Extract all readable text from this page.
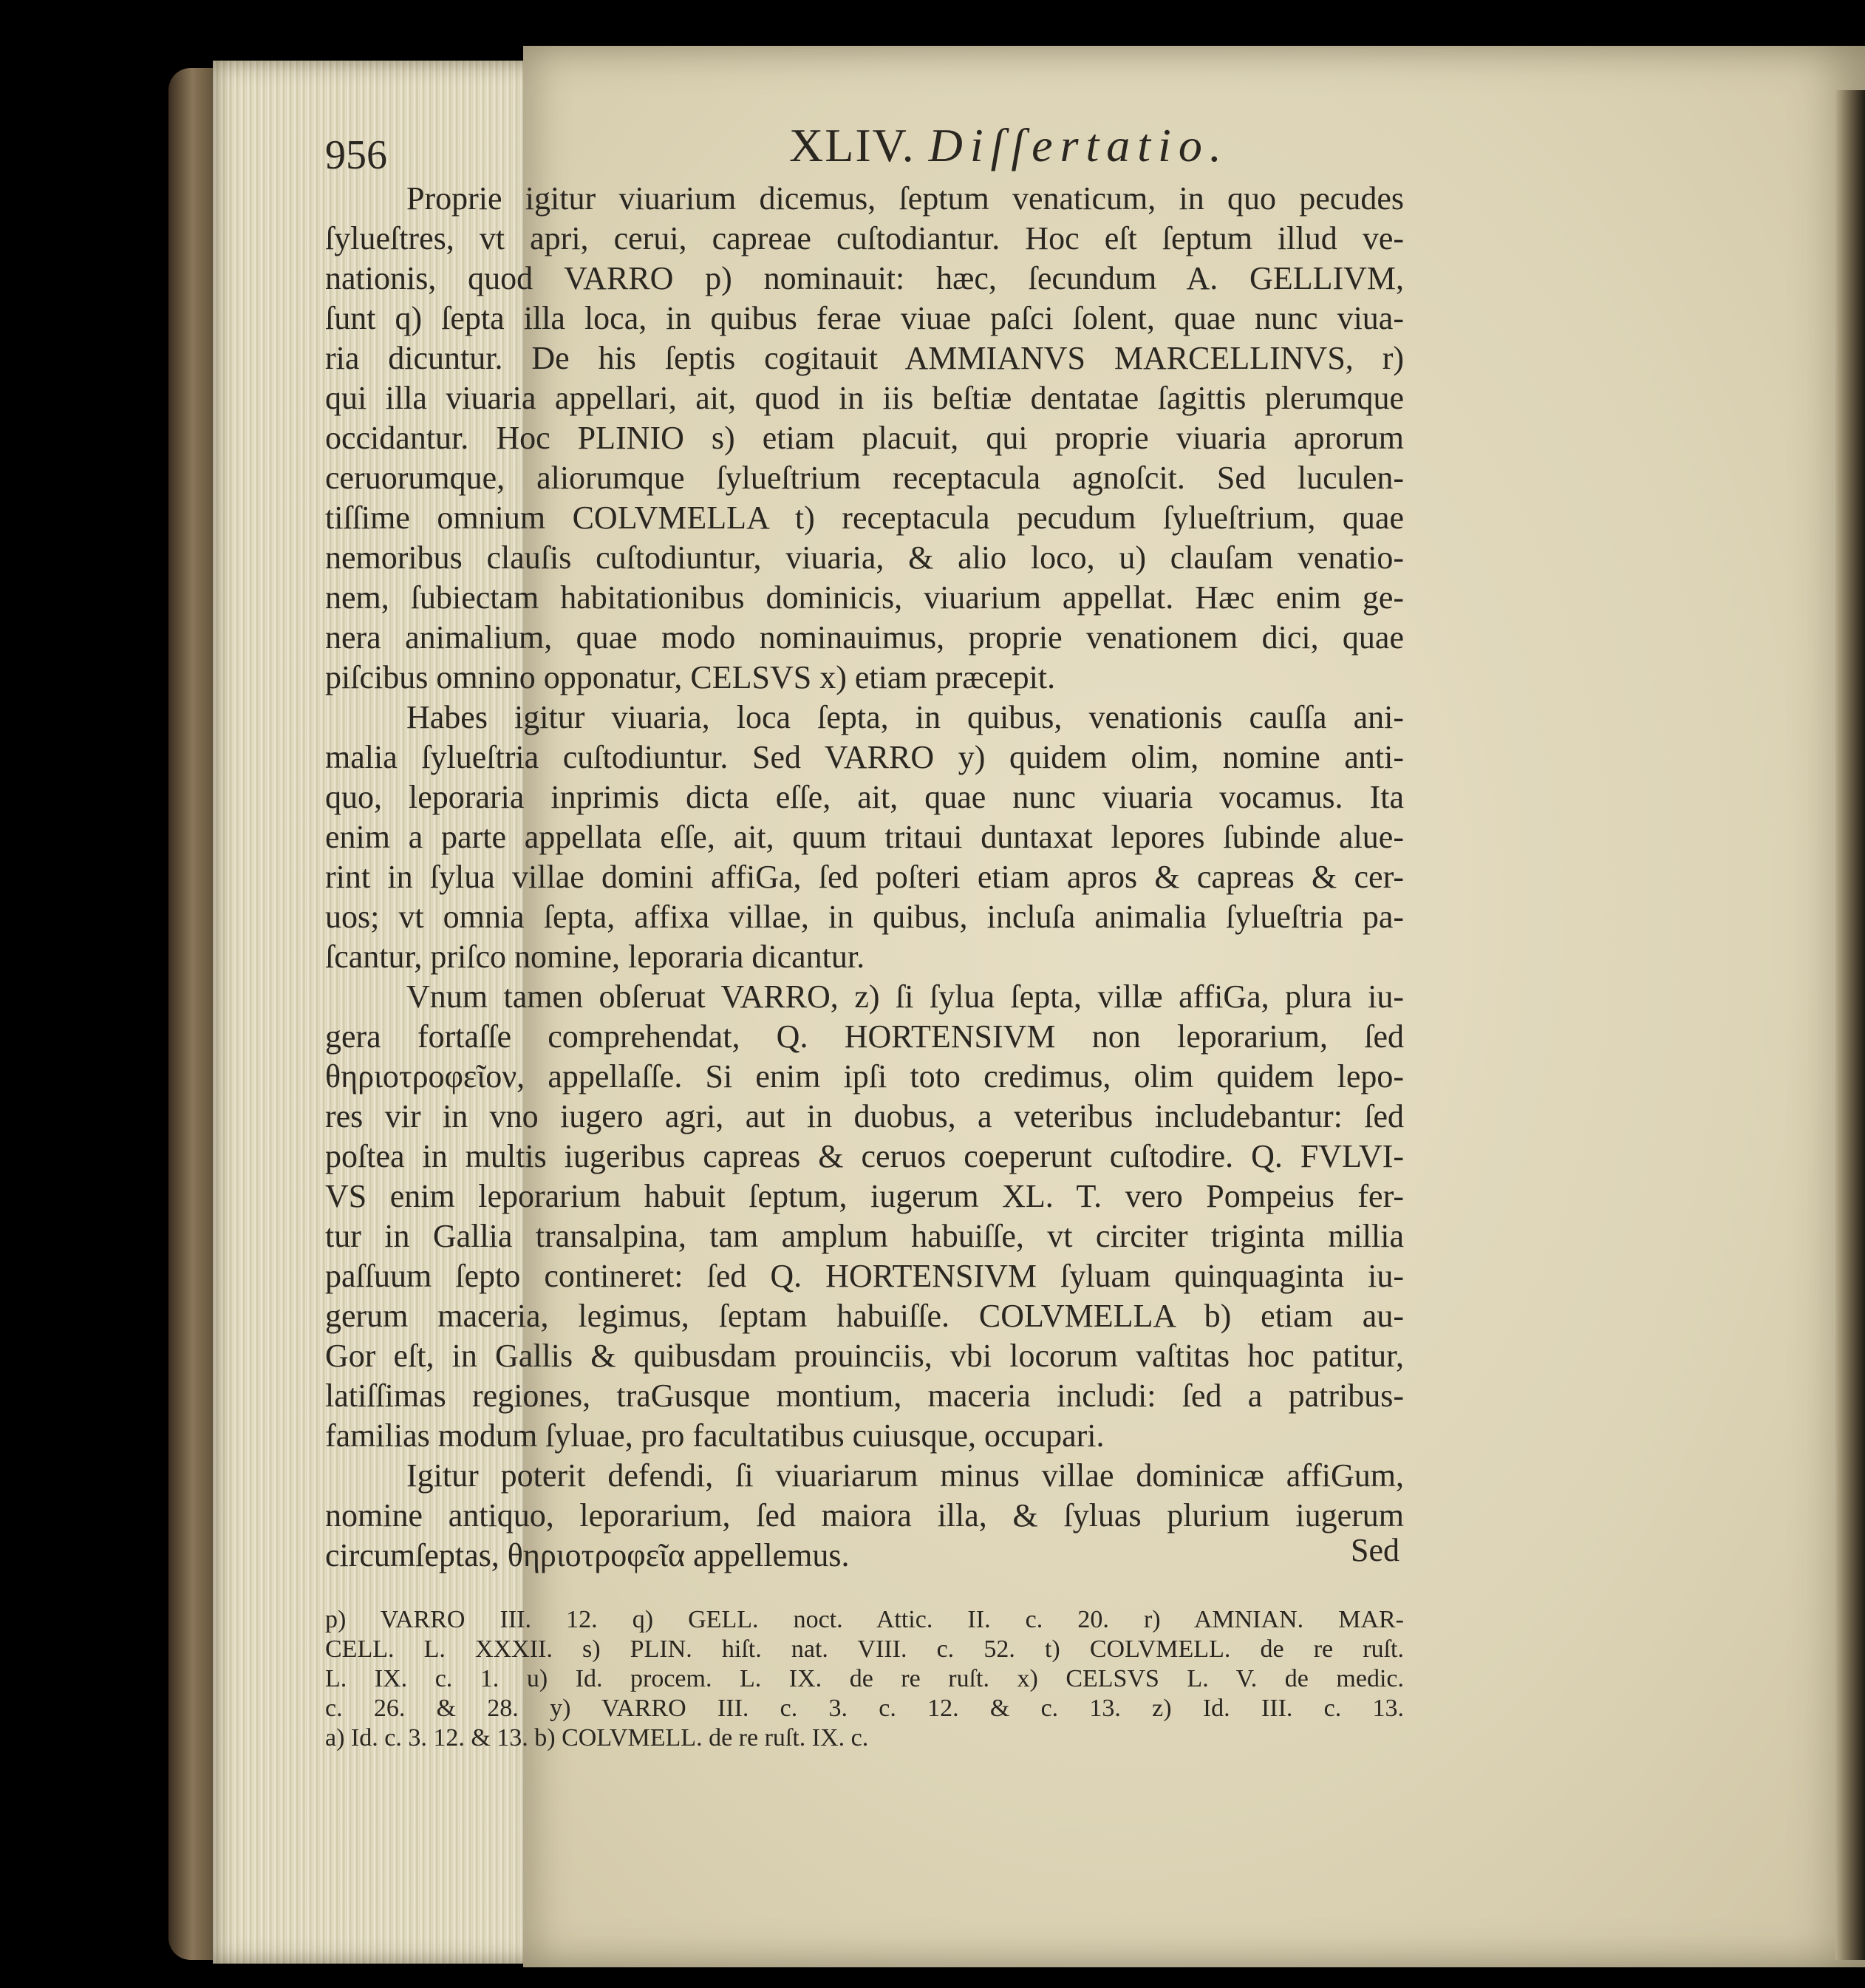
956	XLIV. Diſſertatio.
Proprie igitur viuarium dicemus, ſeptum venaticum, in quo pecudes
ſylueſtres, vt apri, cerui, capreae cuſtodiantur. Hoc eſt ſeptum illud ve-
nationis, quod VARRO p) nominauit: hæc, ſecundum A. GELLIVM,
ſunt q) ſepta illa loca, in quibus ferae viuae paſci ſolent, quae nunc viua-
ria dicuntur. De his ſeptis cogitauit AMMIANVS MARCELLINVS, r)
qui illa viuaria appellari, ait, quod in iis beſtiæ dentatae ſagittis plerumque
occidantur. Hoc PLINIO s) etiam placuit, qui proprie viuaria aprorum
ceruorumque, aliorumque ſylueſtrium receptacula agnoſcit. Sed luculen-
tiſſime omnium COLVMELLA t) receptacula pecudum ſylueſtrium, quae
nemoribus clauſis cuſtodiuntur, viuaria, & alio loco, u) clauſam venatio-
nem, ſubiectam habitationibus dominicis, viuarium appellat. Hæc enim ge-
nera animalium, quae modo nominauimus, proprie venationem dici, quae
piſcibus omnino opponatur, CELSVS x) etiam præcepit.
Habes igitur viuaria, loca ſepta, in quibus, venationis cauſſa ani-
malia ſylueſtria cuſtodiuntur. Sed VARRO y) quidem olim, nomine anti-
quo, leporaria inprimis dicta eſſe, ait, quae nunc viuaria vocamus. Ita
enim a parte appellata eſſe, ait, quum tritaui duntaxat lepores ſubinde alue-
rint in ſylua villae domini affiGa, ſed poſteri etiam apros & capreas & cer-
uos; vt omnia ſepta, affixa villae, in quibus, incluſa animalia ſylueſtria pa-
ſcantur, priſco nomine, leporaria dicantur.
Vnum tamen obſeruat VARRO, z) ſi ſylua ſepta, villæ affiGa, plura iu-
gera fortaſſe comprehendat, Q. HORTENSIVM non leporarium, ſed
θηριοτροφεῖον, appellaſſe. Si enim ipſi toto credimus, olim quidem lepo-
res vir in vno iugero agri, aut in duobus, a veteribus includebantur: ſed
poſtea in multis iugeribus capreas & ceruos coeperunt cuſtodire. Q. FVLVI-
VS enim leporarium habuit ſeptum, iugerum XL. T. vero Pompeius fer-
tur in Gallia transalpina, tam amplum habuiſſe, vt circiter triginta millia
paſſuum ſepto contineret: ſed Q. HORTENSIVM ſyluam quinquaginta iu-
gerum maceria, legimus, ſeptam habuiſſe. COLVMELLA b) etiam au-
Gor eſt, in Gallis & quibusdam prouinciis, vbi locorum vaſtitas hoc patitur,
latiſſimas regiones, traGusque montium, maceria includi: ſed a patribus-
familias modum ſyluae, pro facultatibus cuiusque, occupari.
Igitur poterit defendi, ſi viuariarum minus villae dominicæ affiGum,
nomine antiquo, leporarium, ſed maiora illa, & ſyluas plurium iugerum
circumſeptas, θηριοτροφεῖα appellemus.	Sed
p) VARRO III. 12. q) GELL. noct. Attic. II. c. 20. r) AMNIAN. MAR-
CELL. L. XXXII. s) PLIN. hiſt. nat. VIII. c. 52. t) COLVMELL. de re ruſt.
L. IX. c. 1. u) Id. procem. L. IX. de re ruſt. x) CELSVS L. V. de medic.
c. 26. & 28. y) VARRO III. c. 3. c. 12. & c. 13. z) Id. III. c. 13.
a) Id. c. 3. 12. & 13. b) COLVMELL. de re ruſt. IX. c.
